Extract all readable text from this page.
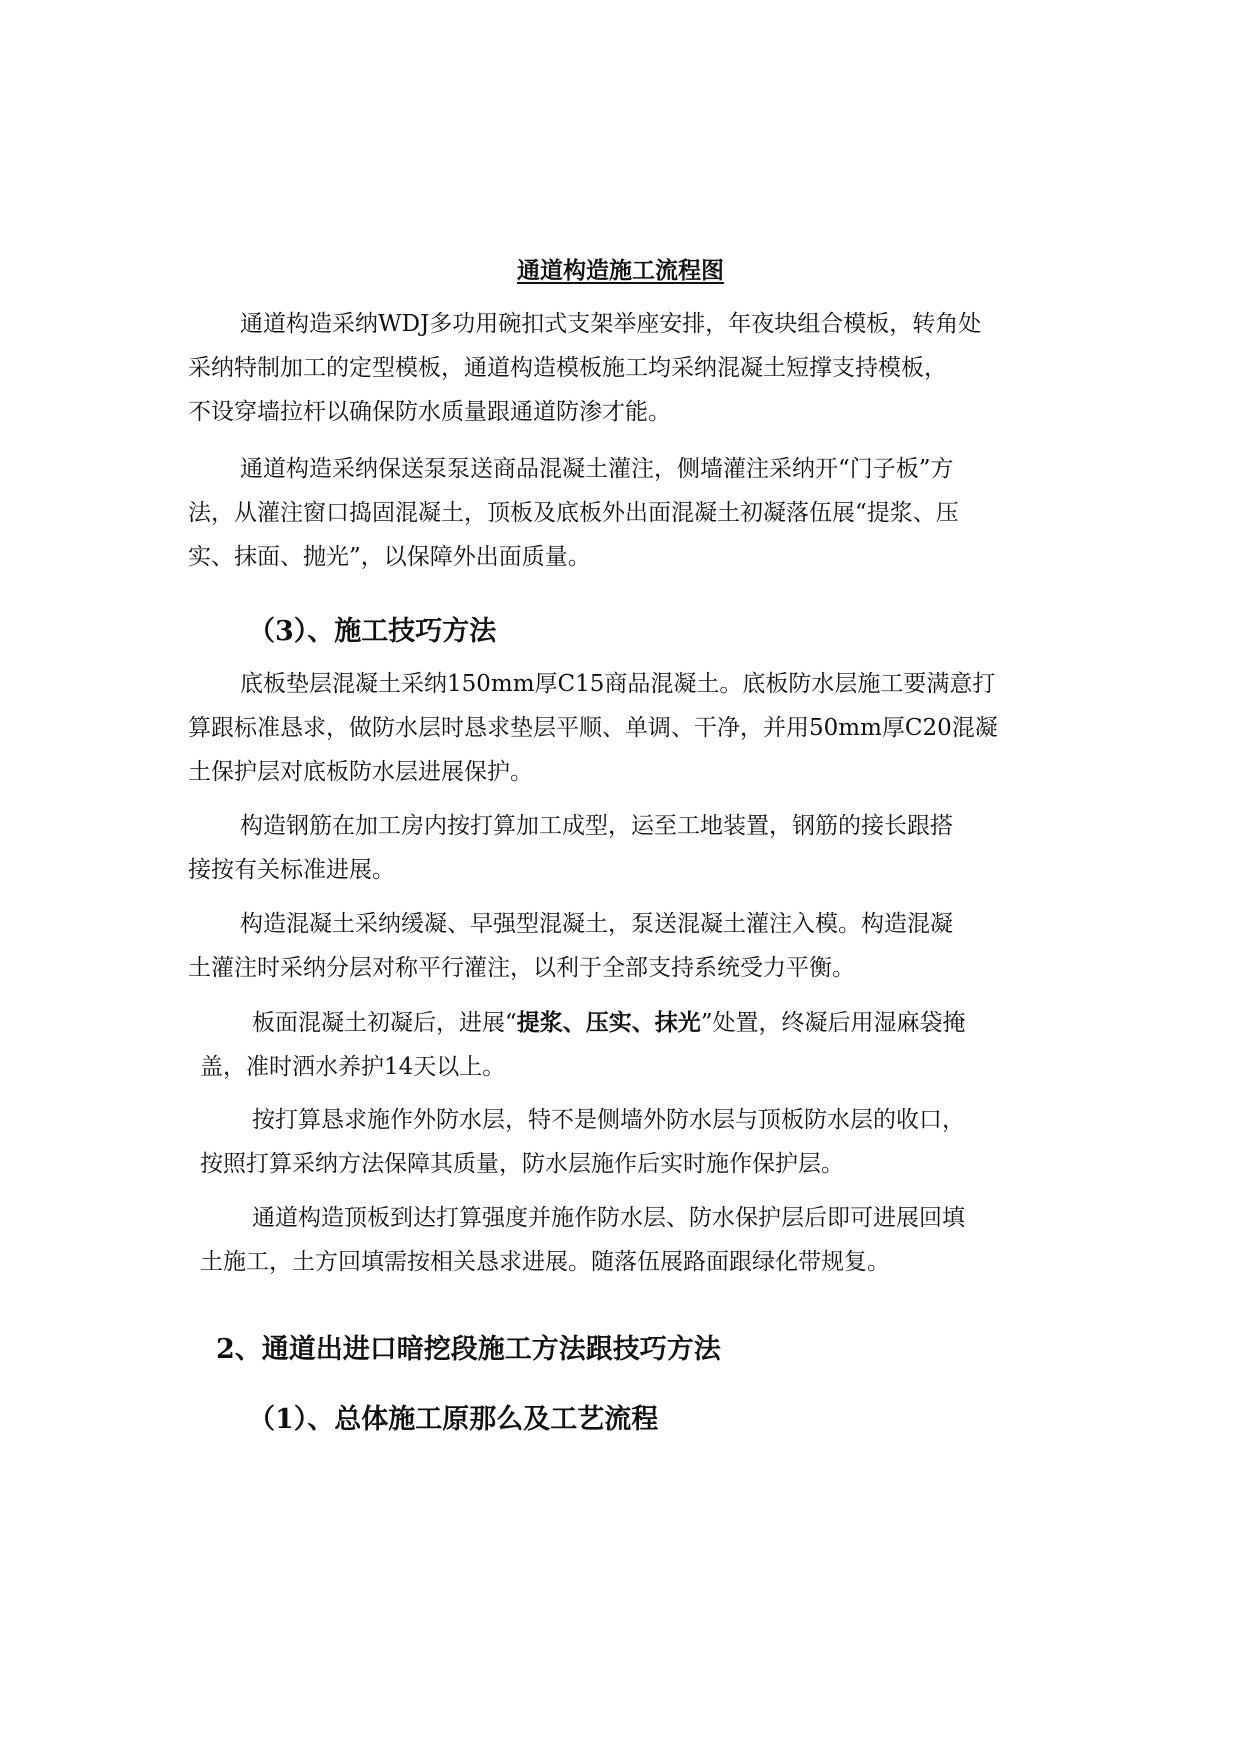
通道构造施工流程图
通道构造采纳WDJ多功用碗扣式支架举座安排，年夜块组合模板，转角处
采纳特制加工的定型模板，通道构造模板施工均采纳混凝土短撑支持模板，
不设穿墙拉杆以确保防水质量跟通道防渗才能。
通道构造采纳保送泵泵送商品混凝土灌注，侧墙灌注采纳开“门子板”方
法，从灌注窗口捣固混凝土，顶板及底板外出面混凝土初凝落伍展“提浆、压
实、抹面、抛光”，以保障外出面质量。
（3）、施工技巧方法
底板垫层混凝土采纳150mm厚C15商品混凝土。底板防水层施工要满意打
算跟标准恳求，做防水层时恳求垫层平顺、单调、干净，并用50mm厚C20混凝
土保护层对底板防水层进展保护。
构造钢筋在加工房内按打算加工成型，运至工地装置，钢筋的接长跟搭
接按有关标准进展。
构造混凝土采纳缓凝、早强型混凝土，泵送混凝土灌注入模。构造混凝
土灌注时采纳分层对称平行灌注，以利于全部支持系统受力平衡。
板面混凝土初凝后，进展“提浆、压实、抹光”处置，终凝后用湿麻袋掩
盖，准时洒水养护14天以上。
按打算恳求施作外防水层，特不是侧墙外防水层与顶板防水层的收口，
按照打算采纳方法保障其质量，防水层施作后实时施作保护层。
通道构造顶板到达打算强度并施作防水层、防水保护层后即可进展回填
土施工，土方回填需按相关恳求进展。随落伍展路面跟绿化带规复。
2、通道出进口暗挖段施工方法跟技巧方法
（1）、总体施工原那么及工艺流程
